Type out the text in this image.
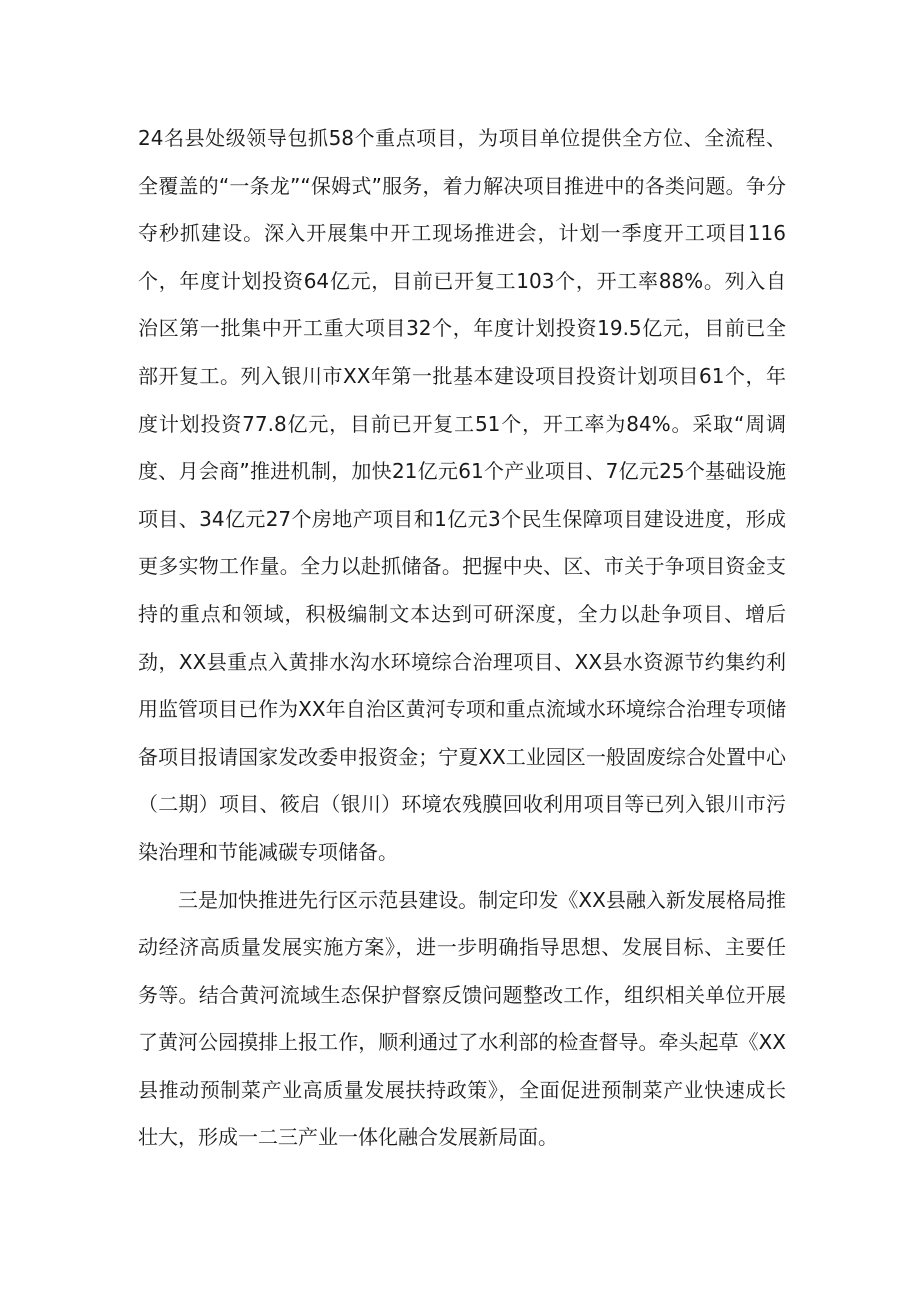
24名县处级领导包抓58个重点项目，为项目单位提供全方位、全流程、全覆盖的“一条龙”“保姆式”服务，着力解决项目推进中的各类问题。争分夺秒抓建设。深入开展集中开工现场推进会，计划一季度开工项目116个，年度计划投资64亿元，目前已开复工103个，开工率88%。列入自治区第一批集中开工重大项目32个，年度计划投资19.5亿元，目前已全部开复工。列入银川市XX年第一批基本建设项目投资计划项目61个，年度计划投资77.8亿元，目前已开复工51个，开工率为84%。采取“周调度、月会商”推进机制，加快21亿元61个产业项目、7亿元25个基础设施项目、34亿元27个房地产项目和1亿元3个民生保障项目建设进度，形成更多实物工作量。全力以赴抓储备。把握中央、区、市关于争项目资金支持的重点和领域，积极编制文本达到可研深度，全力以赴争项目、增后劲，XX县重点入黄排水沟水环境综合治理项目、XX县水资源节约集约利用监管项目已作为XX年自治区黄河专项和重点流域水环境综合治理专项储备项目报请国家发改委申报资金；宁夏XX工业园区一般固废综合处置中心（二期）项目、筱启（银川）环境农残膜回收利用项目等已列入银川市污染治理和节能减碳专项储备。

三是加快推进先行区示范县建设。制定印发《XX县融入新发展格局推动经济高质量发展实施方案》，进一步明确指导思想、发展目标、主要任务等。结合黄河流域生态保护督察反馈问题整改工作，组织相关单位开展了黄河公园摸排上报工作，顺利通过了水利部的检查督导。牵头起草《XX县推动预制菜产业高质量发展扶持政策》，全面促进预制菜产业快速成长壮大，形成一二三产业一体化融合发展新局面。
